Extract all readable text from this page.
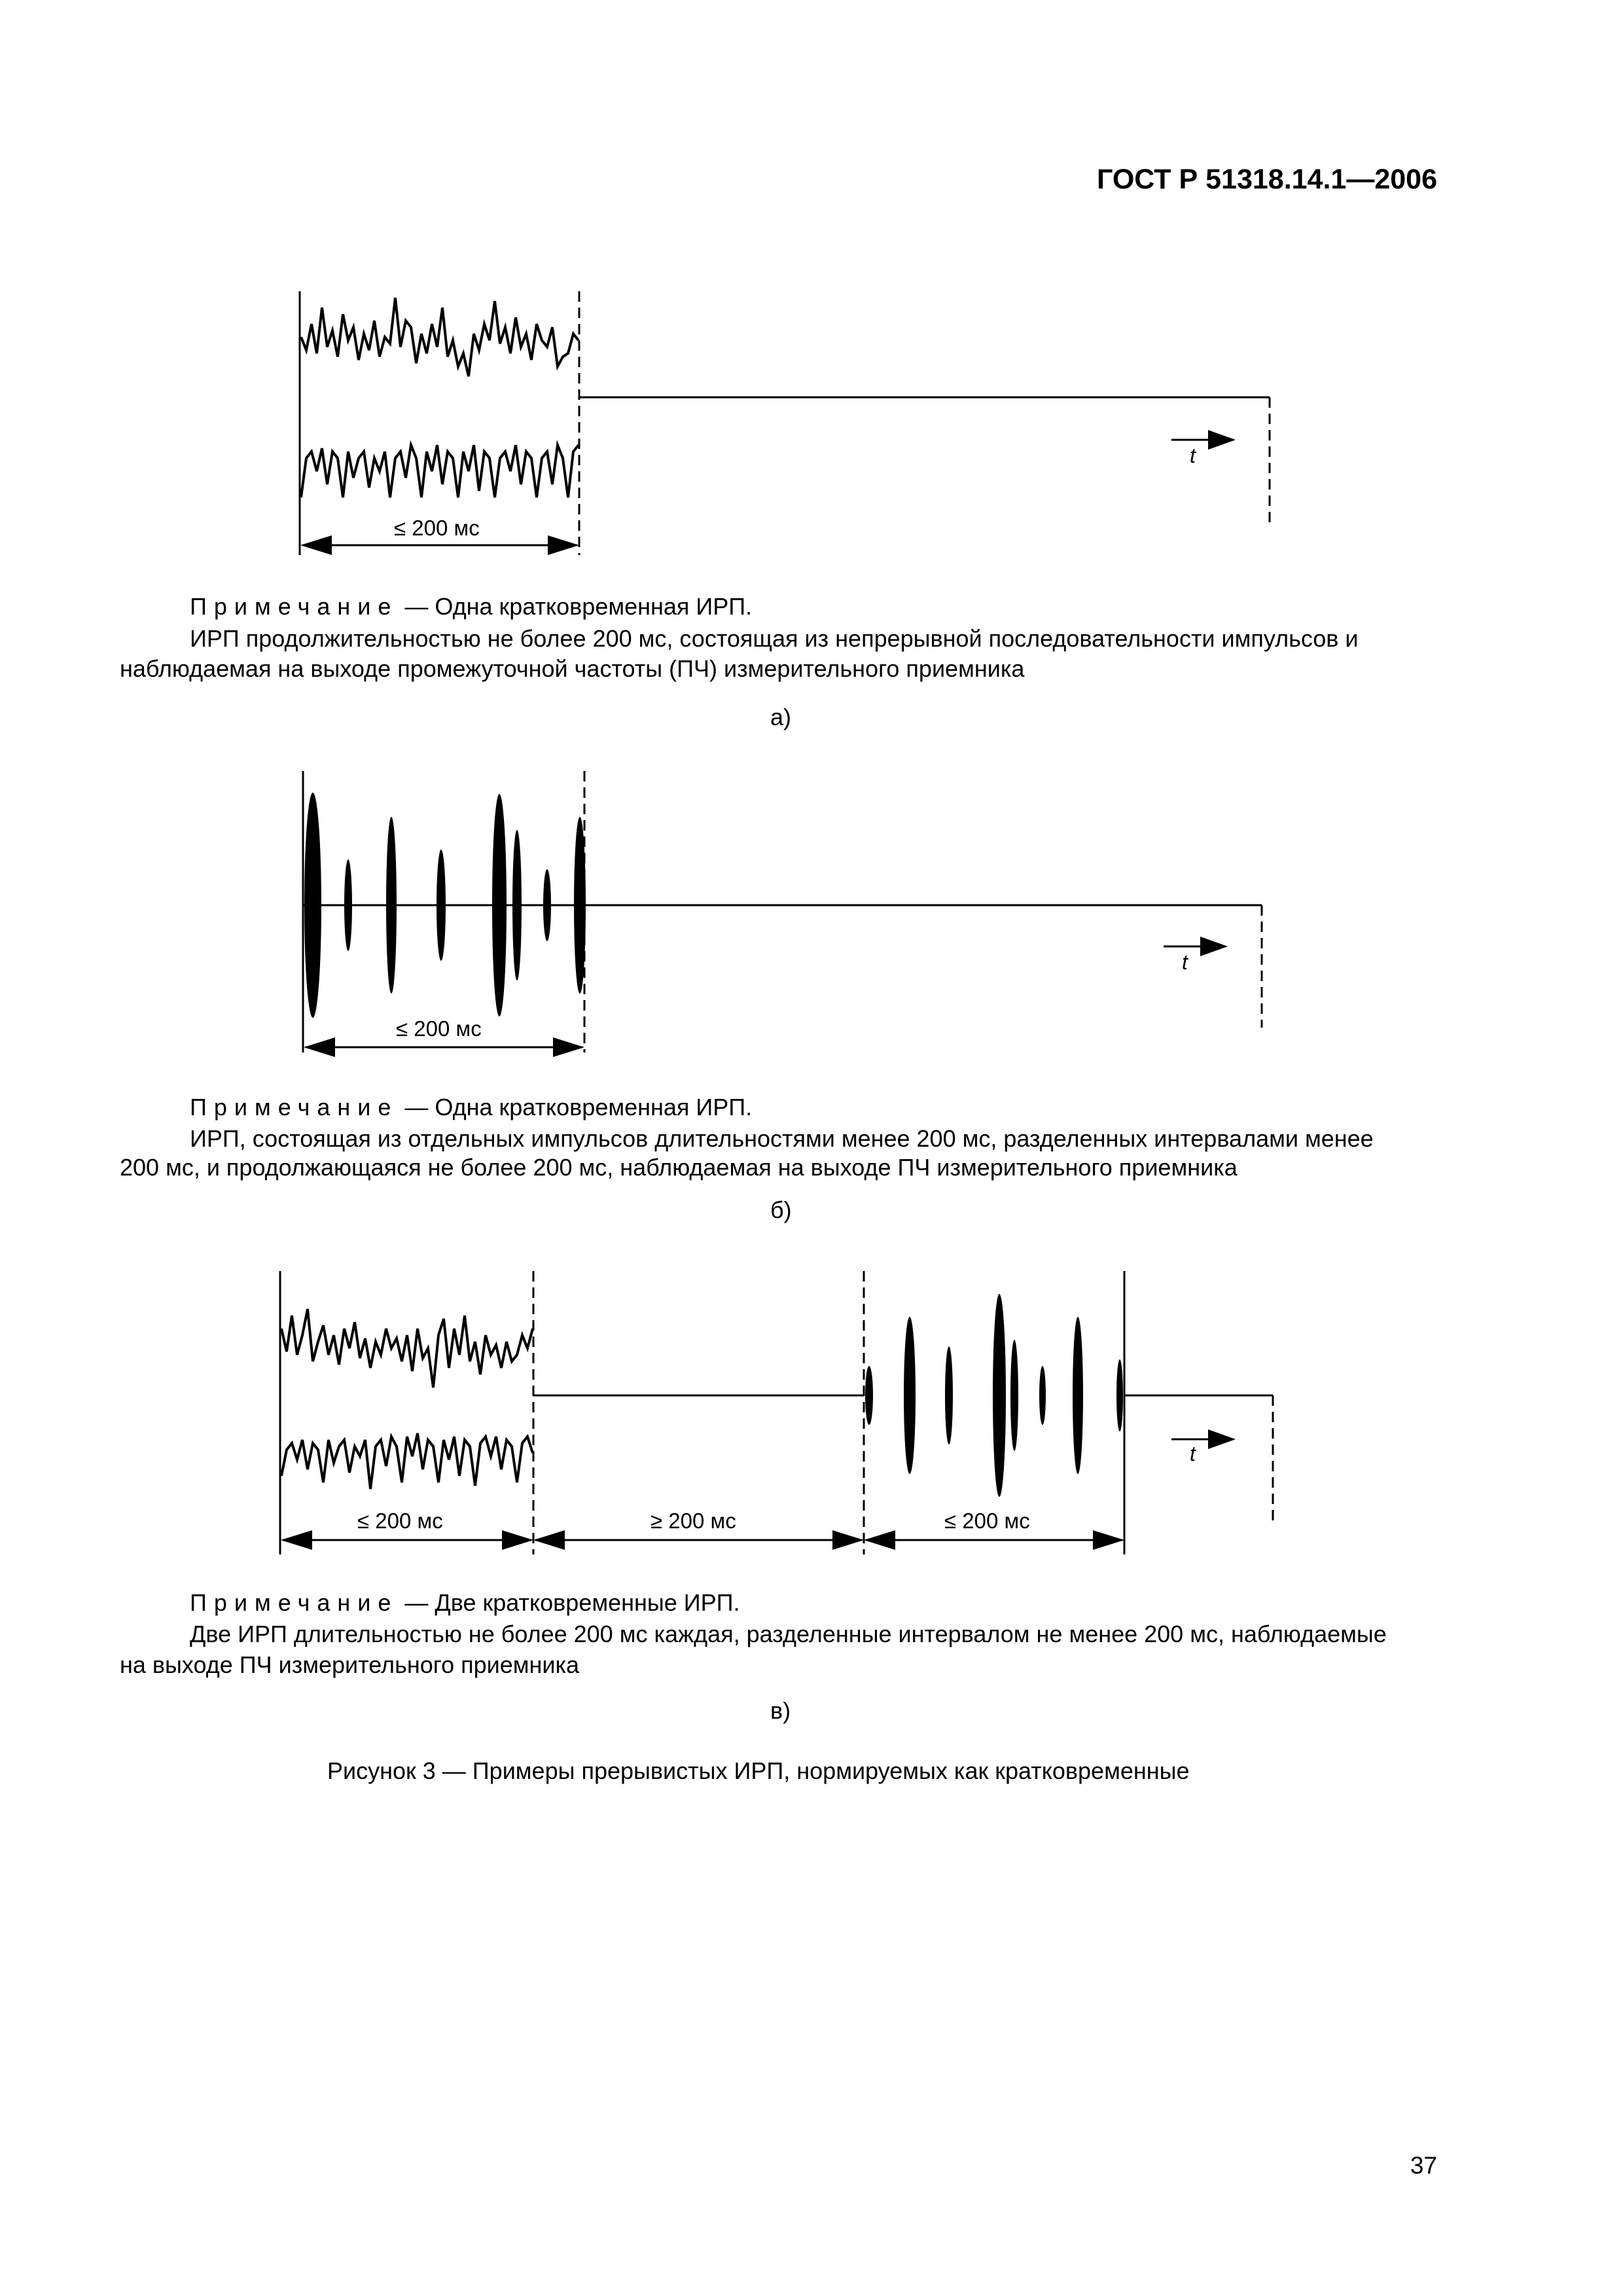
ГОСТ Р 51318.14.1—2006
t
≤ 200 мс
Примечание — Одна кратковременная ИРП.
ИРП продолжительностью не более 200 мс, состоящая из непрерывной последовательности импульсов и
наблюдаемая на выходе промежуточной частоты (ПЧ) измерительного приемника
а)
t
≤ 200 мс
Примечание — Одна кратковременная ИРП.
ИРП, состоящая из отдельных импульсов длительностями менее 200 мс, разделенных интервалами менее
200 мс, и продолжающаяся не более 200 мс, наблюдаемая на выходе ПЧ измерительного приемника
б)
t
≤ 200 мс	≥ 200 мс	≤ 200 мс
Примечание — Две кратковременные ИРП.
Две ИРП длительностью не более 200 мс каждая, разделенные интервалом не менее 200 мс, наблюдаемые
на выходе ПЧ измерительного приемника
в)
Рисунок 3 — Примеры прерывистых ИРП, нормируемых как кратковременные
37
